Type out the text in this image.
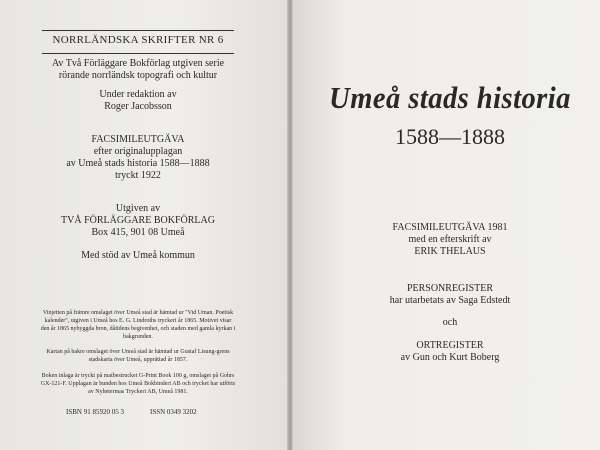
NORRLÄNDSKA SKRIFTER NR 6
Av Två Förläggare Bokförlag utgiven serie
rörande norrländsk topografi och kultur
Under redaktion av
Roger Jacobsson
FACSIMILEUTGÄVA
efter originalupplagan
av Umeå stads historia 1588—1888
tryckt 1922
Utgiven av
TVÅ FÖRLÄGGARE BOKFÖRLAG
Box 415, 901 08 Umeå
Med stöd av Umeå kommun
Vinjetten på främre omslaget över Umeå stad är hämtad ur "Vid Uman. Poetisk kalender", utgiven i Umeå hos E. G. Lindroths tryckeri år 1865. Motivet visar den år 1865 nybyggda bron, dåtidens begivenhet, och staden med gamla kyrkan i bakgrunden.
Kartan på bakre omslaget över Umeå stad är hämtad ur Gustaf Lisung-grens stadskarta över Umeå, upprättad år 1857.
Boken inlaga är tryckt på matbestrucket G-Print Book 100 g, omslaget på Gohrs GX-121-F. Upplagan är bunden hos Umeå Bokbinderi AB och trycket har utförts av Nyhetermas Tryckeri AB, Umeå 1981.
ISBN 91 85920 05 3	ISSN 0349 3202
Umeå stads historia
1588—1888
FACSIMILEUTGÄVA 1981
med en efterskrift av
ERIK THELAUS
PERSONREGISTER
har utarbetats av Saga Edstedt
och
ORTREGISTER
av Gun och Kurt Boberg
